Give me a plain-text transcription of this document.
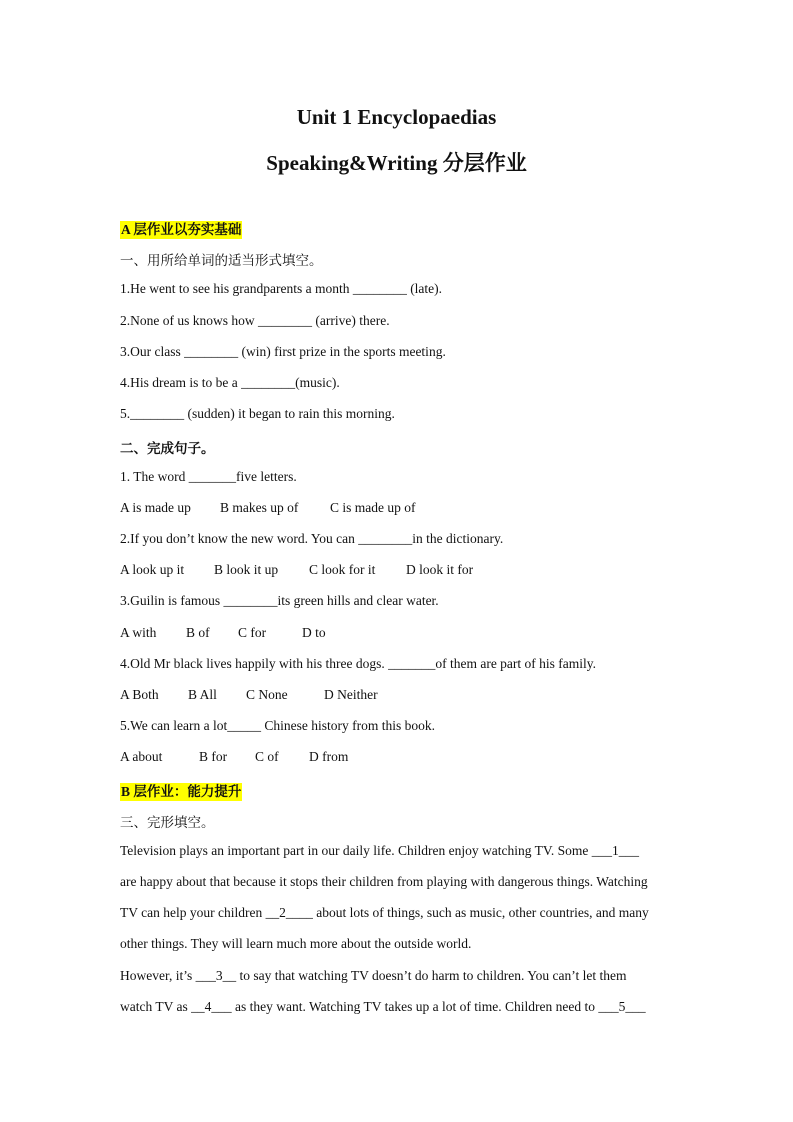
Unit 1 Encyclopaedias
Speaking&Writing 分层作业
A 层作业以夯实基础
一、用所给单词的适当形式填空。
1.He went to see his grandparents a month ________ (late).
2.None of us knows how ________ (arrive) there.
3.Our class ________ (win) first prize in the sports meeting.
4.His dream is to be a ________(music).
5.________ (sudden) it began to rain this morning.
二、完成句子。
1. The word _______five letters.
A is made up B makes up of C is made up of
2.If you don’t know the new word. You can ________in the dictionary.
A look up it B look it up C look for it D look it for
3.Guilin is famous ________its green hills and clear water.
A with B of C for	D to
4.Old Mr black lives happily with his three dogs. _______of them are part of his family.
A Both B All C None	D Neither
5.We can learn a lot_____ Chinese history from this book.
A about	B for C of D from
B 层作业：能力提升
三、完形填空。
Television plays an important part in our daily life. Children enjoy watching TV. Some ___1___
are happy about that because it stops their children from playing with dangerous things. Watching
TV can help your children __2____ about lots of things, such as music, other countries, and many
other things. They will learn much more about the outside world.
However, it’s ___3__ to say that watching TV doesn’t do harm to children. You can’t let them
watch TV as __4___ as they want. Watching TV takes up a lot of time. Children need to ___5___
